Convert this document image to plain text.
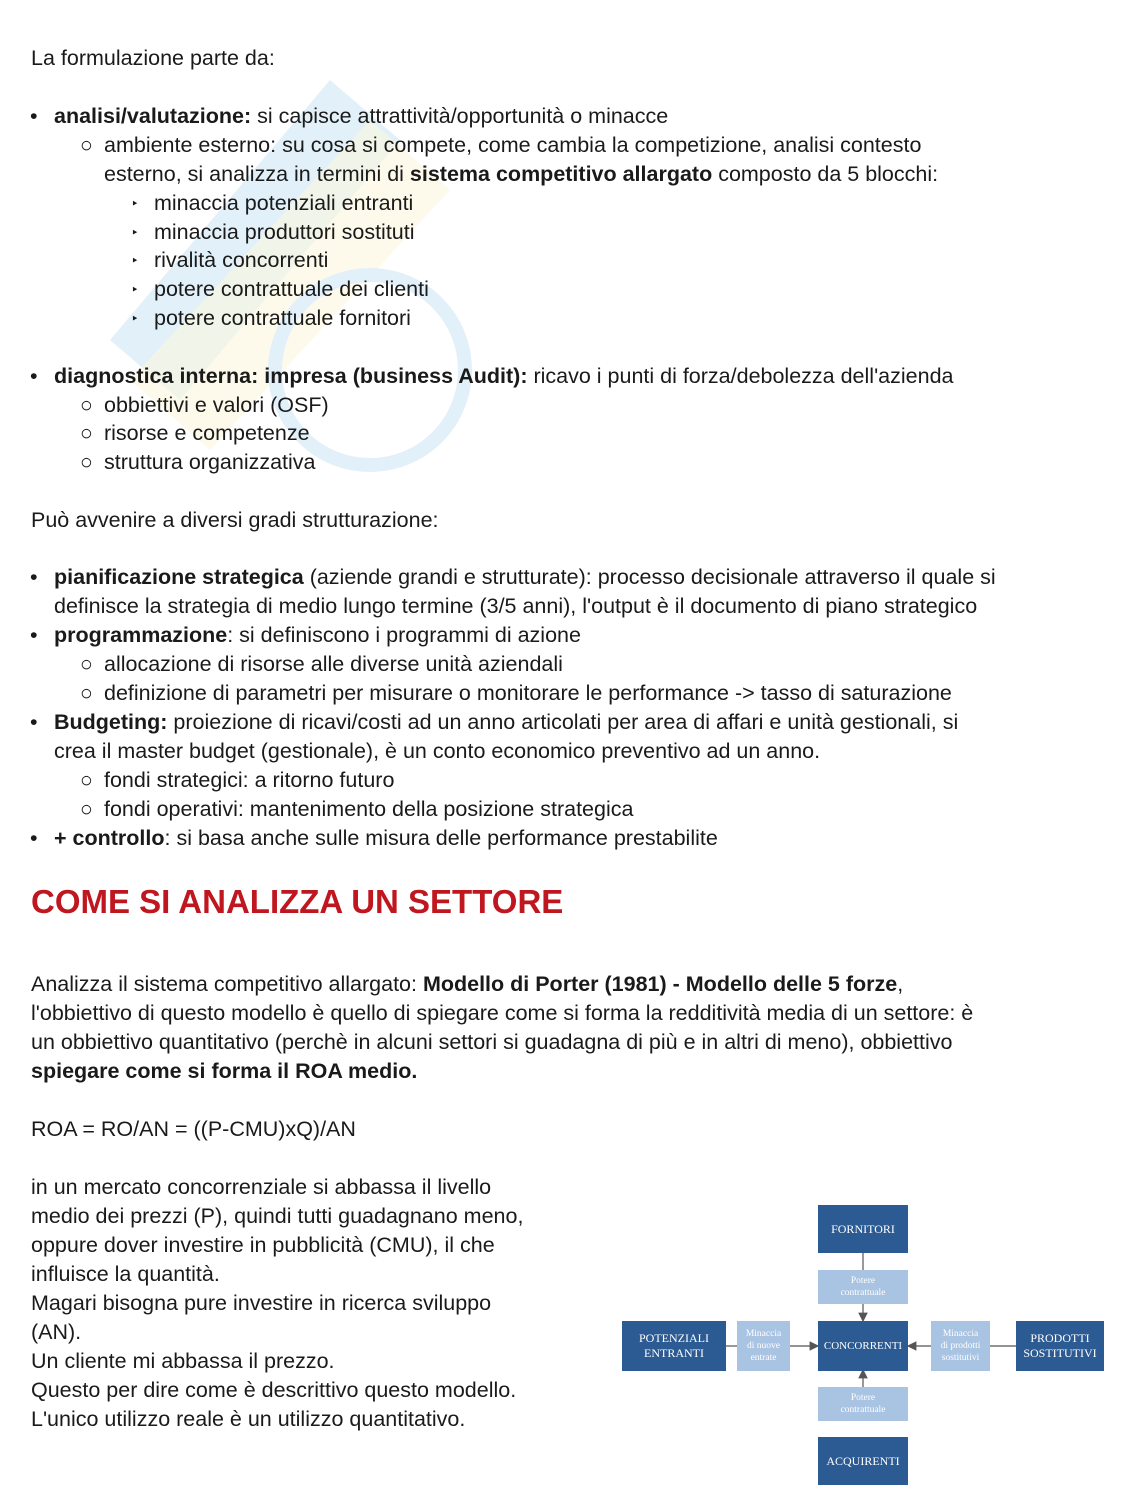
La formulazione parte da:
• analisi/valutazione: si capisce attrattività/opportunità o minacce
○ ambiente esterno: su cosa si compete, come cambia la competizione, analisi contesto
esterno, si analizza in termini di sistema competitivo allargato composto da 5 blocchi:
‣ minaccia potenziali entranti
‣ minaccia produttori sostituti
‣ rivalità concorrenti
‣ potere contrattuale dei clienti
‣ potere contrattuale fornitori
• diagnostica interna: impresa (business Audit): ricavo i punti di forza/debolezza dell'azienda
○ obbiettivi e valori (OSF)
○ risorse e competenze
○ struttura organizzativa
Può avvenire a diversi gradi strutturazione:
• pianificazione strategica (aziende grandi e strutturate): processo decisionale attraverso il quale si
definisce la strategia di medio lungo termine (3/5 anni), l'output è il documento di piano strategico
• programmazione: si definiscono i programmi di azione
○ allocazione di risorse alle diverse unità aziendali
○ definizione di parametri per misurare o monitorare le performance -> tasso di saturazione
• Budgeting: proiezione di ricavi/costi ad un anno articolati per area di affari e unità gestionali, si
crea il master budget (gestionale), è un conto economico preventivo ad un anno.
○ fondi strategici: a ritorno futuro
○ fondi operativi: mantenimento della posizione strategica
• + controllo: si basa anche sulle misura delle performance prestabilite
COME SI ANALIZZA UN SETTORE
Analizza il sistema competitivo allargato: Modello di Porter (1981) - Modello delle 5 forze,
l'obbiettivo di questo modello è quello di spiegare come si forma la redditività media di un settore: è
un obbiettivo quantitativo (perchè in alcuni settori si guadagna di più e in altri di meno), obbiettivo
spiegare come si forma il ROA medio.
ROA = RO/AN = ((P-CMU)xQ)/AN
in un mercato concorrenziale si abbassa il livello
medio dei prezzi (P), quindi tutti guadagnano meno,
oppure dover investire in pubblicità (CMU), il che
influisce la quantità.
Magari bisogna pure investire in ricerca sviluppo
(AN).
Un cliente mi abbassa il prezzo.
Questo per dire come è descrittivo questo modello.
L'unico utilizzo reale è un utilizzo quantitativo.
FORNITORI
Potere
contrattuale
POTENZIALI
ENTRANTI
Minaccia
di nuove
entrate
CONCORRENTI
Minaccia
di prodotti
sostitutivi
PRODOTTI
SOSTITUTIVI
Potere
contrattuale
ACQUIRENTI
